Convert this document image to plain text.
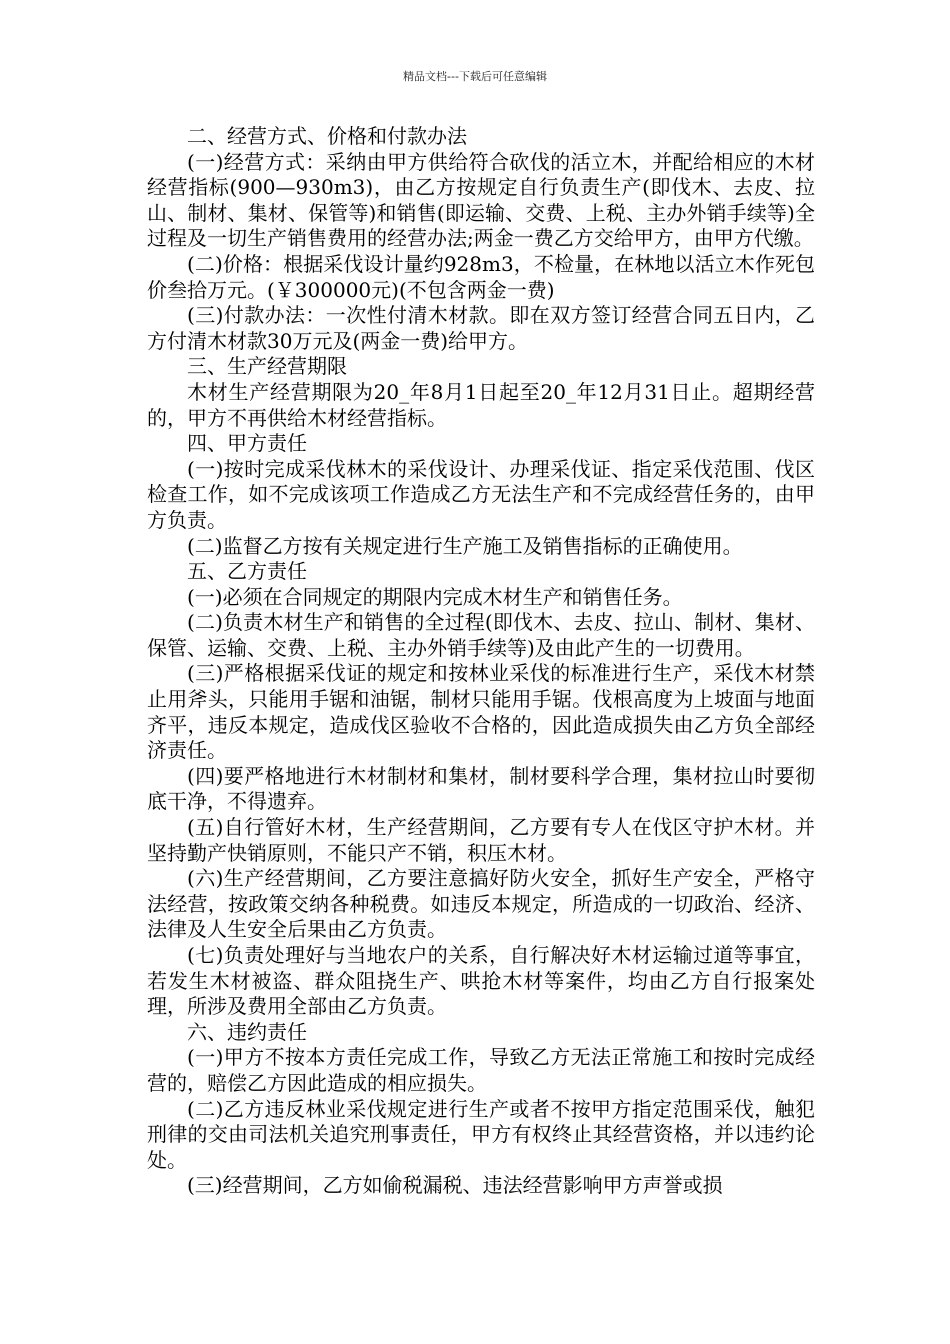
精品文档---下载后可任意编辑

二、经营方式、价格和付款办法

(一)经营方式：采纳由甲方供给符合砍伐的活立木，并配给相应的木材经营指标(900—930m3)，由乙方按规定自行负责生产(即伐木、去皮、拉山、制材、集材、保管等)和销售(即运输、交费、上税、主办外销手续等)全过程及一切生产销售费用的经营办法;两金一费乙方交给甲方，由甲方代缴。

(二)价格：根据采伐设计量约928m3，不检量，在林地以活立木作死包价叁拾万元。(￥300000元)(不包含两金一费)

(三)付款办法：一次性付清木材款。即在双方签订经营合同五日内，乙方付清木材款30万元及(两金一费)给甲方。

三、生产经营期限

木材生产经营期限为20_年8月1日起至20_年12月31日止。超期经营的，甲方不再供给木材经营指标。

四、甲方责任

(一)按时完成采伐林木的采伐设计、办理采伐证、指定采伐范围、伐区检查工作，如不完成该项工作造成乙方无法生产和不完成经营任务的，由甲方负责。

(二)监督乙方按有关规定进行生产施工及销售指标的正确使用。

五、乙方责任

(一)必须在合同规定的期限内完成木材生产和销售任务。

(二)负责木材生产和销售的全过程(即伐木、去皮、拉山、制材、集材、保管、运输、交费、上税、主办外销手续等)及由此产生的一切费用。

(三)严格根据采伐证的规定和按林业采伐的标准进行生产，采伐木材禁止用斧头，只能用手锯和油锯，制材只能用手锯。伐根高度为上坡面与地面齐平，违反本规定，造成伐区验收不合格的，因此造成损失由乙方负全部经济责任。

(四)要严格地进行木材制材和集材，制材要科学合理，集材拉山时要彻底干净，不得遗弃。

(五)自行管好木材，生产经营期间，乙方要有专人在伐区守护木材。并坚持勤产快销原则，不能只产不销，积压木材。

(六)生产经营期间，乙方要注意搞好防火安全，抓好生产安全，严格守法经营，按政策交纳各种税费。如违反本规定，所造成的一切政治、经济、法律及人生安全后果由乙方负责。

(七)负责处理好与当地农户的关系，自行解决好木材运输过道等事宜，若发生木材被盗、群众阻挠生产、哄抢木材等案件，均由乙方自行报案处理，所涉及费用全部由乙方负责。

六、违约责任

(一)甲方不按本方责任完成工作，导致乙方无法正常施工和按时完成经营的，赔偿乙方因此造成的相应损失。

(二)乙方违反林业采伐规定进行生产或者不按甲方指定范围采伐，触犯刑律的交由司法机关追究刑事责任，甲方有权终止其经营资格，并以违约论处。

(三)经营期间，乙方如偷税漏税、违法经营影响甲方声誉或损
